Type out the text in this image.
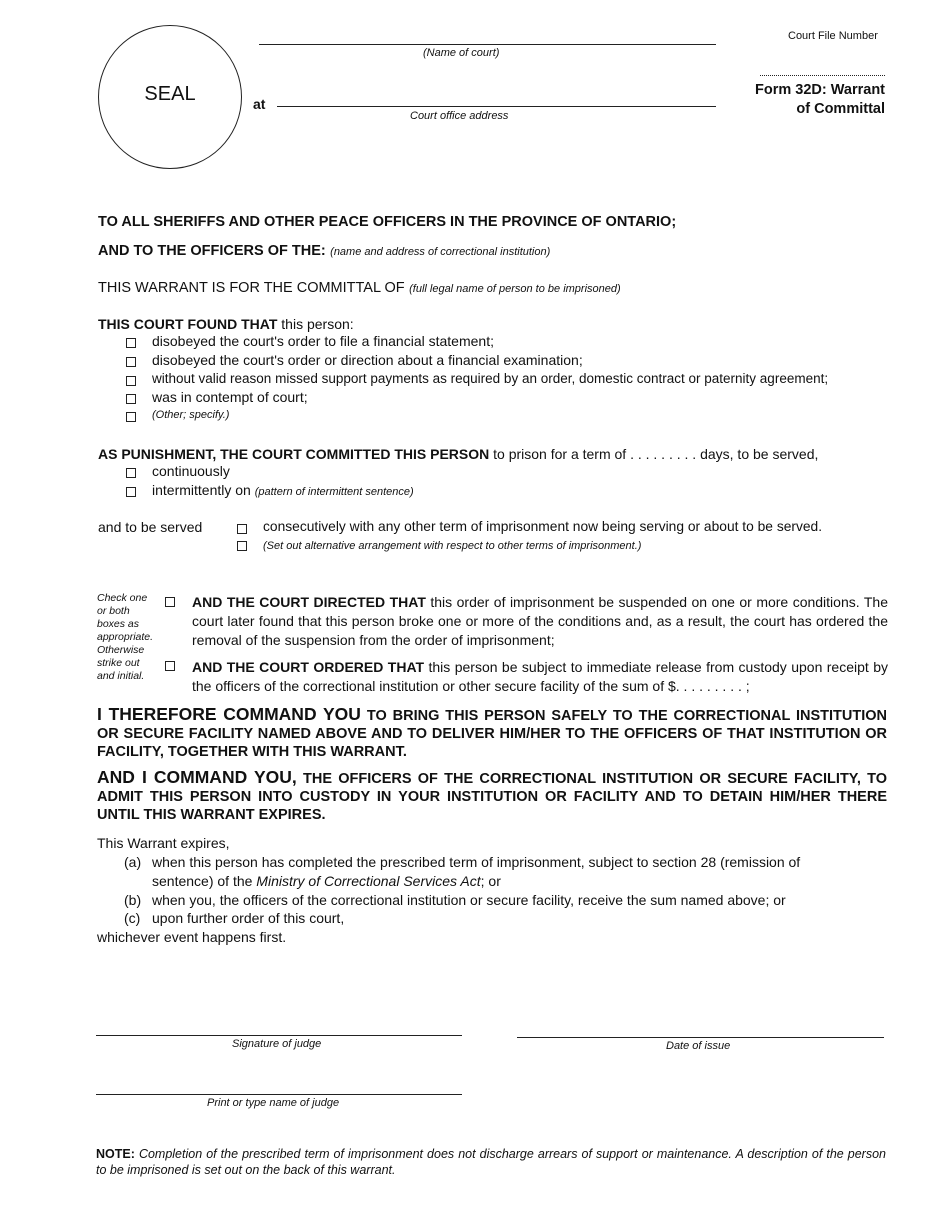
SEAL
(Name of court)
at
Court office address
Court File Number
Form 32D: Warrant
of Committal
TO ALL SHERIFFS AND OTHER PEACE OFFICERS IN THE PROVINCE OF ONTARIO;
AND TO THE OFFICERS OF THE: (name and address of correctional institution)
THIS WARRANT IS FOR THE COMMITTAL OF (full legal name of person to be imprisoned)
THIS COURT FOUND THAT this person:
disobeyed the court's order to file a financial statement;
disobeyed the court's order or direction about a financial examination;
without valid reason missed support payments as required by an order, domestic contract or paternity agreement;
was in contempt of court;
(Other; specify.)
AS PUNISHMENT, THE COURT COMMITTED THIS PERSON to prison for a term of . . . . . . . . . days, to be served,
continuously
intermittently on (pattern of intermittent sentence)
and to be served	consecutively with any other term of imprisonment now being serving or about to be served.
(Set out alternative arrangement with respect to other terms of imprisonment.)
Check one
or both
boxes as
appropriate.
Otherwise
strike out
and initial.
AND THE COURT DIRECTED THAT this order of imprisonment be suspended on one or more conditions. The court later found that this person broke one or more of the conditions and, as a result, the court has ordered the removal of the suspension from the order of imprisonment;
AND THE COURT ORDERED THAT this person be subject to immediate release from custody upon receipt by the officers of the correctional institution or other secure facility of the sum of $. . . . . . . . . ;
I THEREFORE COMMAND YOU TO BRING THIS PERSON SAFELY TO THE CORRECTIONAL INSTITUTION OR SECURE FACILITY NAMED ABOVE AND TO DELIVER HIM/HER TO THE OFFICERS OF THAT INSTITUTION OR FACILITY, TOGETHER WITH THIS WARRANT.
AND I COMMAND YOU, THE OFFICERS OF THE CORRECTIONAL INSTITUTION OR SECURE FACILITY, TO ADMIT THIS PERSON INTO CUSTODY IN YOUR INSTITUTION OR FACILITY AND TO DETAIN HIM/HER THERE UNTIL THIS WARRANT EXPIRES.
This Warrant expires,
(a) when this person has completed the prescribed term of imprisonment, subject to section 28 (remission of
sentence) of the Ministry of Correctional Services Act; or
(b) when you, the officers of the correctional institution or secure facility, receive the sum named above; or
(c) upon further order of this court,
whichever event happens first.
Signature of judge	Date of issue
Print or type name of judge
NOTE: Completion of the prescribed term of imprisonment does not discharge arrears of support or maintenance. A description of the person to be imprisoned is set out on the back of this warrant.
